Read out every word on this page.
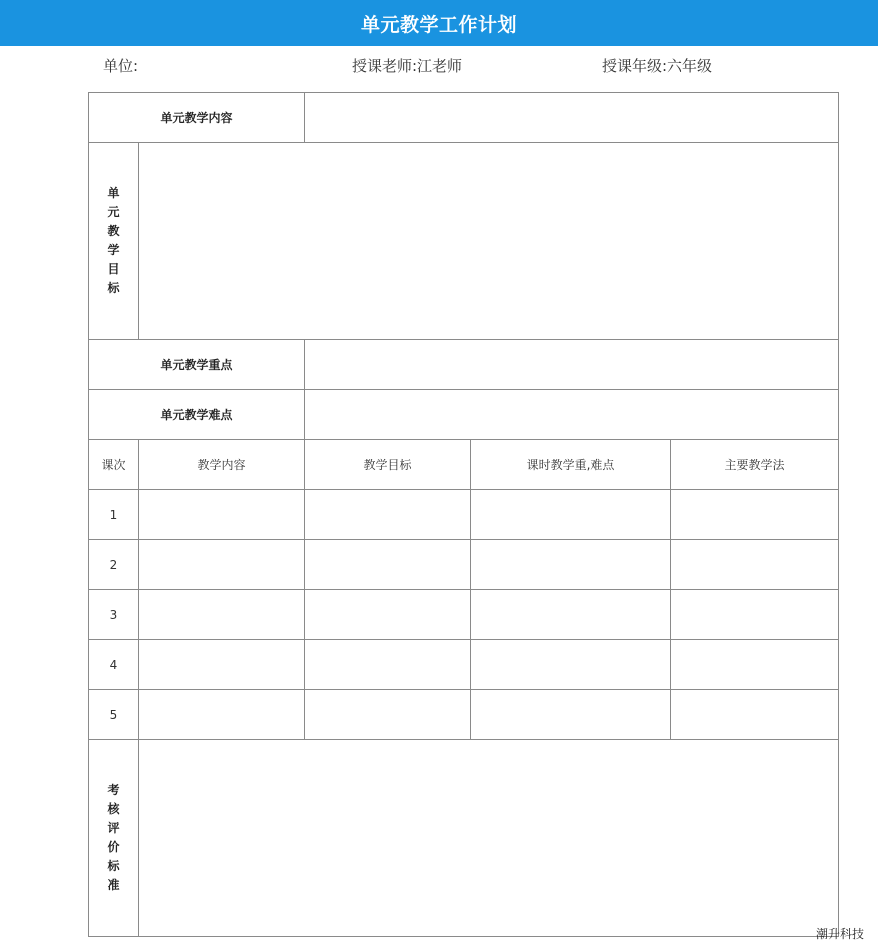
单元教学工作计划
单位:	授课老师:江老师	授课年级:六年级
单元教学内容				
单元教学目标				
单元教学重点				
单元教学难点				
课次	教学内容	教学目标	课时教学重,难点	主要教学法
1				
2				
3				
4				
5				
考核评价标准				
潮升科技
